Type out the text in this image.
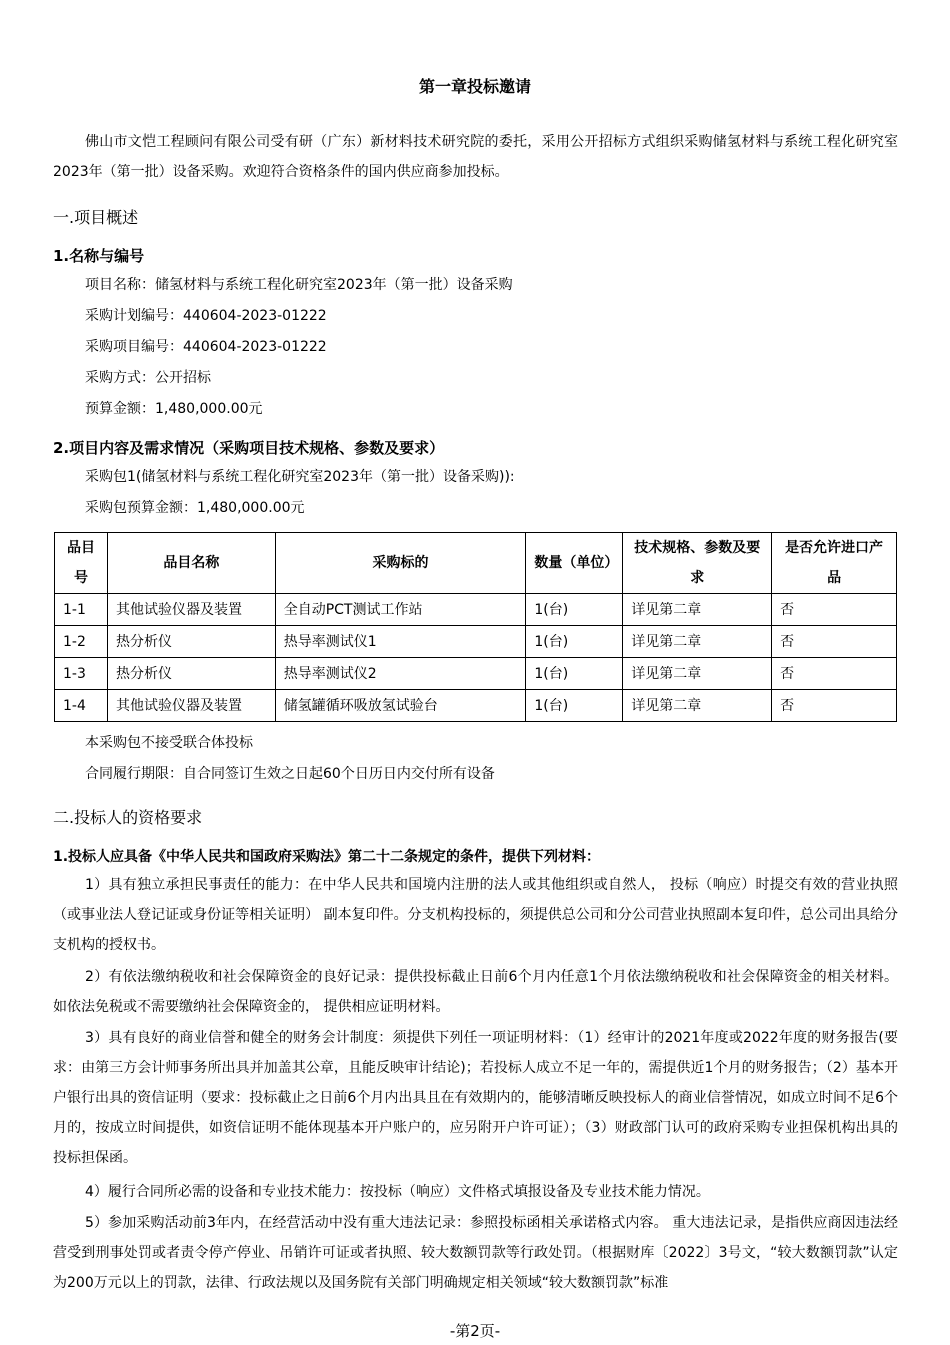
第一章投标邀请

佛山市文恺工程顾问有限公司受有研（广东）新材料技术研究院的委托，采用公开招标方式组织采购储氢材料与系统工程化研究室2023年（第一批）设备采购。欢迎符合资格条件的国内供应商参加投标。

一.项目概述
1.名称与编号
项目名称：储氢材料与系统工程化研究室2023年（第一批）设备采购
采购计划编号：440604-2023-01222
采购项目编号：440604-2023-01222
采购方式：公开招标
预算金额：1,480,000.00元
2.项目内容及需求情况（采购项目技术规格、参数及要求）
采购包1(储氢材料与系统工程化研究室2023年（第一批）设备采购)):
采购包预算金额：1,480,000.00元
品目号	品目名称	采购标的	数量（单位）	技术规格、参数及要求	是否允许进口产品
1-1	其他试验仪器及装置	全自动PCT测试工作站	1(台)	详见第二章	否
1-2	热分析仪	热导率测试仪1	1(台)	详见第二章	否
1-3	热分析仪	热导率测试仪2	1(台)	详见第二章	否
1-4	其他试验仪器及装置	储氢罐循环吸放氢试验台	1(台)	详见第二章	否
本采购包不接受联合体投标
合同履行期限：自合同签订生效之日起60个日历日内交付所有设备
二.投标人的资格要求
1.投标人应具备《中华人民共和国政府采购法》第二十二条规定的条件，提供下列材料：

1）具有独立承担民事责任的能力：在中华人民共和国境内注册的法人或其他组织或自然人， 投标（响应）时提交有效的营业执照（或事业法人登记证或身份证等相关证明） 副本复印件。分支机构投标的，须提供总公司和分公司营业执照副本复印件，总公司出具给分支机构的授权书。

2）有依法缴纳税收和社会保障资金的良好记录：提供投标截止日前6个月内任意1个月依法缴纳税收和社会保障资金的相关材料。 如依法免税或不需要缴纳社会保障资金的， 提供相应证明材料。

3）具有良好的商业信誉和健全的财务会计制度：须提供下列任一项证明材料：（1）经审计的2021年度或2022年度的财务报告(要求：由第三方会计师事务所出具并加盖其公章，且能反映审计结论)；若投标人成立不足一年的，需提供近1个月的财务报告；（2）基本开户银行出具的资信证明（要求：投标截止之日前6个月内出具且在有效期内的，能够清晰反映投标人的商业信誉情况，如成立时间不足6个月的，按成立时间提供，如资信证明不能体现基本开户账户的，应另附开户许可证）；（3）财政部门认可的政府采购专业担保机构出具的投标担保函。

4）履行合同所必需的设备和专业技术能力：按投标（响应）文件格式填报设备及专业技术能力情况。

5）参加采购活动前3年内，在经营活动中没有重大违法记录：参照投标函相关承诺格式内容。 重大违法记录，是指供应商因违法经营受到刑事处罚或者责令停产停业、吊销许可证或者执照、较大数额罚款等行政处罚。（根据财库〔2022〕3号文，“较大数额罚款”认定为200万元以上的罚款，法律、行政法规以及国务院有关部门明确规定相关领域“较大数额罚款”标准

-第2页-
